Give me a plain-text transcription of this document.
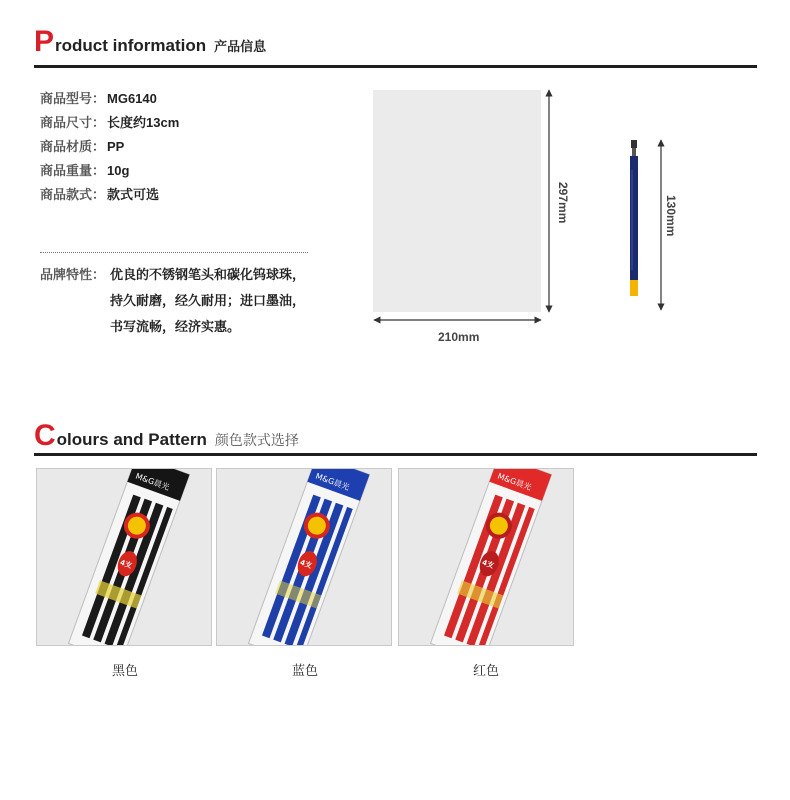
P roduct information 产品信息
商品型号： MG6140
商品尺寸： 长度约13cm
商品材质： PP
商品重量： 10g
商品款式： 款式可选
品牌特性： 优良的不锈钢笔头和碳化钨球珠，
持久耐磨，经久耐用；进口墨油，
书写流畅，经济实惠。
297mm
210mm
130mm
C olours and Pattern 颜色款式选择
M&G晨光
4支
M&G晨光
4支
M&G晨光
4支
黑色	蓝色	红色
